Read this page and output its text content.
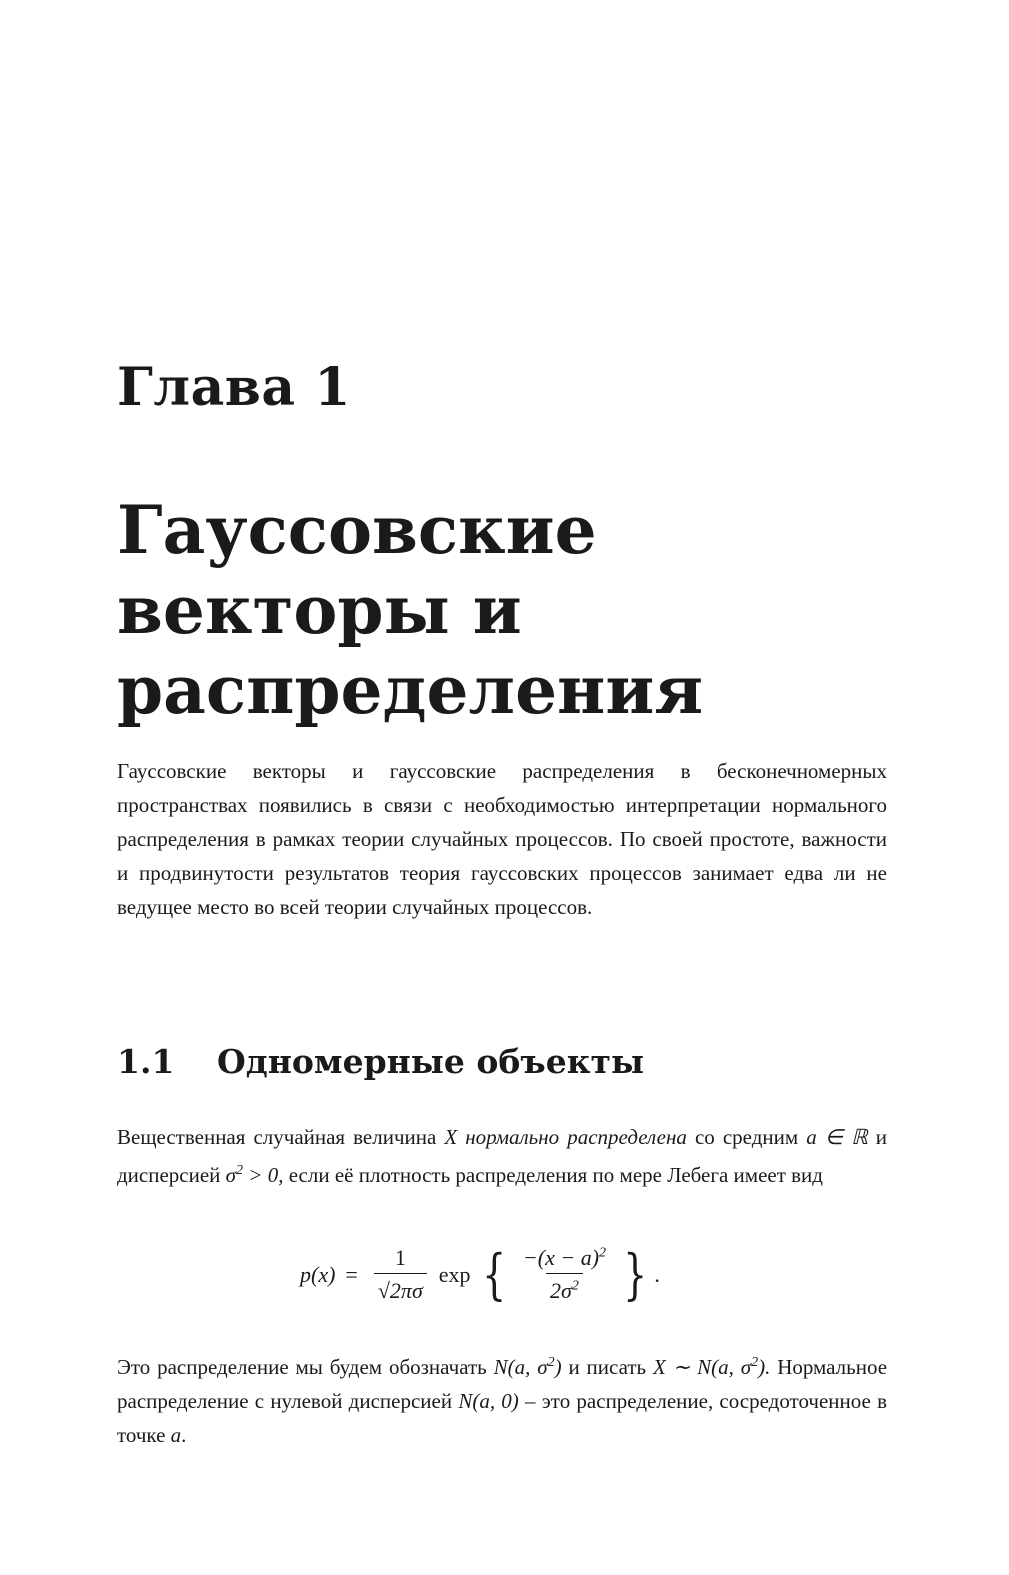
Глава 1
Гауссовские векторы и распределения

Гауссовские векторы и гауссовские распределения в бесконечномерных пространствах появились в связи с необходимостью интерпретации нормального распределения в рамках теории случайных процессов. По своей простоте, важности и продвинутости результатов теория гауссовских процессов занимает едва ли не ведущее место во всей теории случайных процессов.

1.1 Одномерные объекты

Вещественная случайная величина X нормально распределена со средним a ∈ ℝ и дисперсией $\sigma^2 > 0$, если её плотность распределения по мере Лебега имеет вид

$p(x) = \frac{1}{√2\pi\sigma}$ exp { $\frac{-(x - a)^2}{2\sigma^2}$ } .

Это распределение мы будем обозначать N(a, $\sigma^2$) и писать X ∼ N(a, $\sigma^2$). Нормальное распределение с нулевой дисперсией N(a, 0) – это распределение, сосредоточенное в точке a.
